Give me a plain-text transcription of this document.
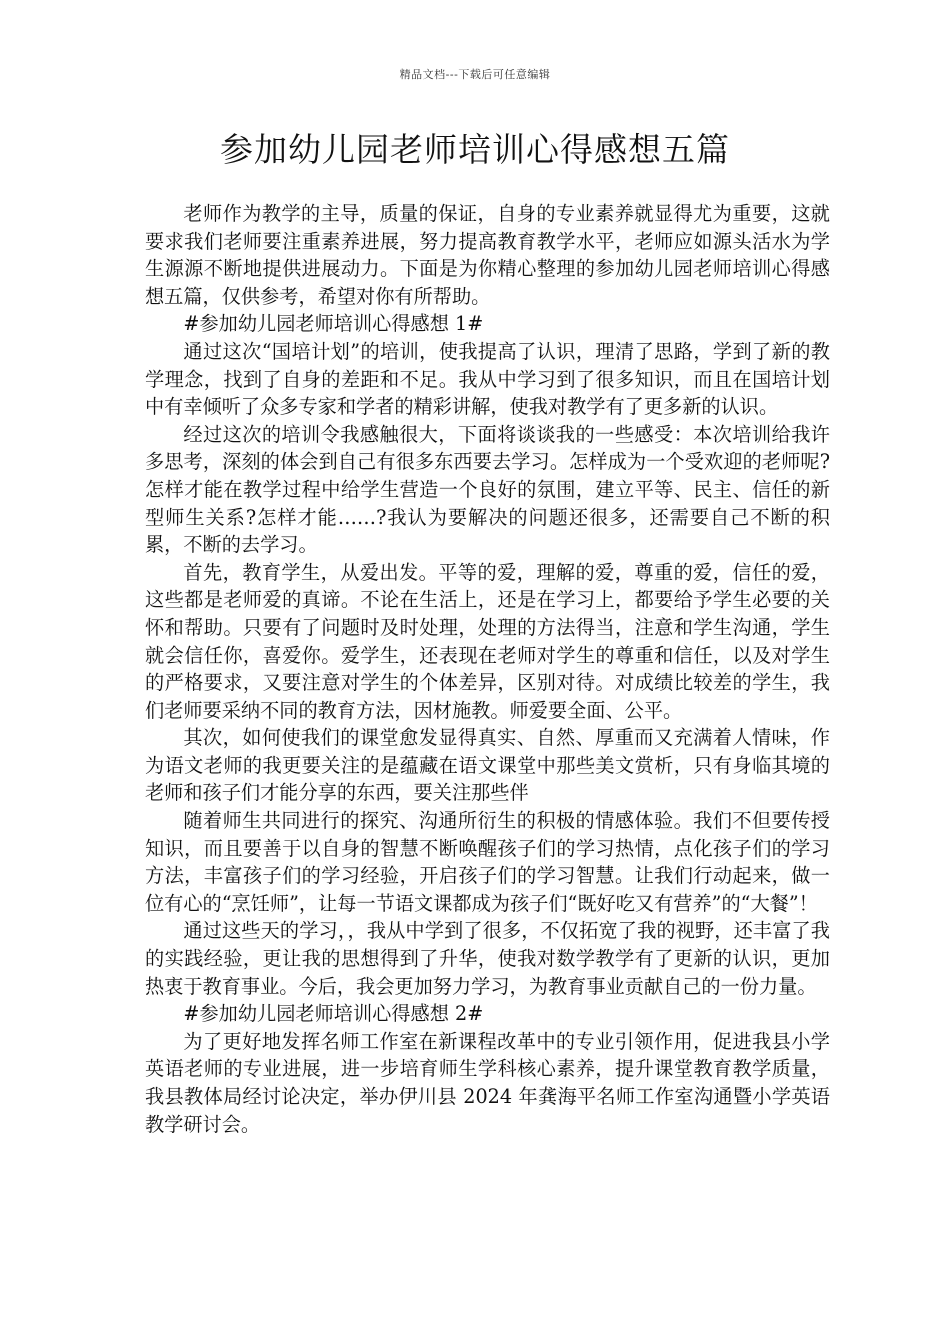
精品文档---下载后可任意编辑
参加幼儿园老师培训心得感想五篇

老师作为教学的主导，质量的保证，自身的专业素养就显得尤为重要，这就要求我们老师要注重素养进展，努力提高教育教学水平，老师应如源头活水为学生源源不断地提供进展动力。下面是为你精心整理的参加幼儿园老师培训心得感想五篇，仅供参考，希望对你有所帮助。

#参加幼儿园老师培训心得感想 1#

通过这次“国培计划”的培训，使我提高了认识，理清了思路，学到了新的教学理念，找到了自身的差距和不足。我从中学习到了很多知识，而且在国培计划中有幸倾听了众多专家和学者的精彩讲解，使我对教学有了更多新的认识。

经过这次的培训令我感触很大，下面将谈谈我的一些感受：本次培训给我许多思考，深刻的体会到自己有很多东西要去学习。怎样成为一个受欢迎的老师呢?怎样才能在教学过程中给学生营造一个良好的氛围，建立平等、民主、信任的新型师生关系?怎样才能……?我认为要解决的问题还很多，还需要自己不断的积累，不断的去学习。

首先，教育学生，从爱出发。平等的爱，理解的爱，尊重的爱，信任的爱，这些都是老师爱的真谛。不论在生活上，还是在学习上，都要给予学生必要的关怀和帮助。只要有了问题时及时处理，处理的方法得当，注意和学生沟通，学生就会信任你，喜爱你。爱学生，还表现在老师对学生的尊重和信任，以及对学生的严格要求，又要注意对学生的个体差异，区别对待。对成绩比较差的学生，我们老师要采纳不同的教育方法，因材施教。师爱要全面、公平。

其次，如何使我们的课堂愈发显得真实、自然、厚重而又充满着人情味，作为语文老师的我更要关注的是蕴藏在语文课堂中那些美文赏析，只有身临其境的老师和孩子们才能分享的东西，要关注那些伴

随着师生共同进行的探究、沟通所衍生的积极的情感体验。我们不但要传授知识，而且要善于以自身的智慧不断唤醒孩子们的学习热情，点化孩子们的学习方法，丰富孩子们的学习经验，开启孩子们的学习智慧。让我们行动起来，做一位有心的“烹饪师”，让每一节语文课都成为孩子们“既好吃又有营养”的“大餐”！

通过这些天的学习，，我从中学到了很多，不仅拓宽了我的视野，还丰富了我的实践经验，更让我的思想得到了升华，使我对数学教学有了更新的认识，更加热衷于教育事业。今后，我会更加努力学习，为教育事业贡献自己的一份力量。

#参加幼儿园老师培训心得感想 2#

为了更好地发挥名师工作室在新课程改革中的专业引领作用，促进我县小学英语老师的专业进展，进一步培育师生学科核心素养，提升课堂教育教学质量，我县教体局经讨论决定，举办伊川县 2024 年龚海平名师工作室沟通暨小学英语教学研讨会。
